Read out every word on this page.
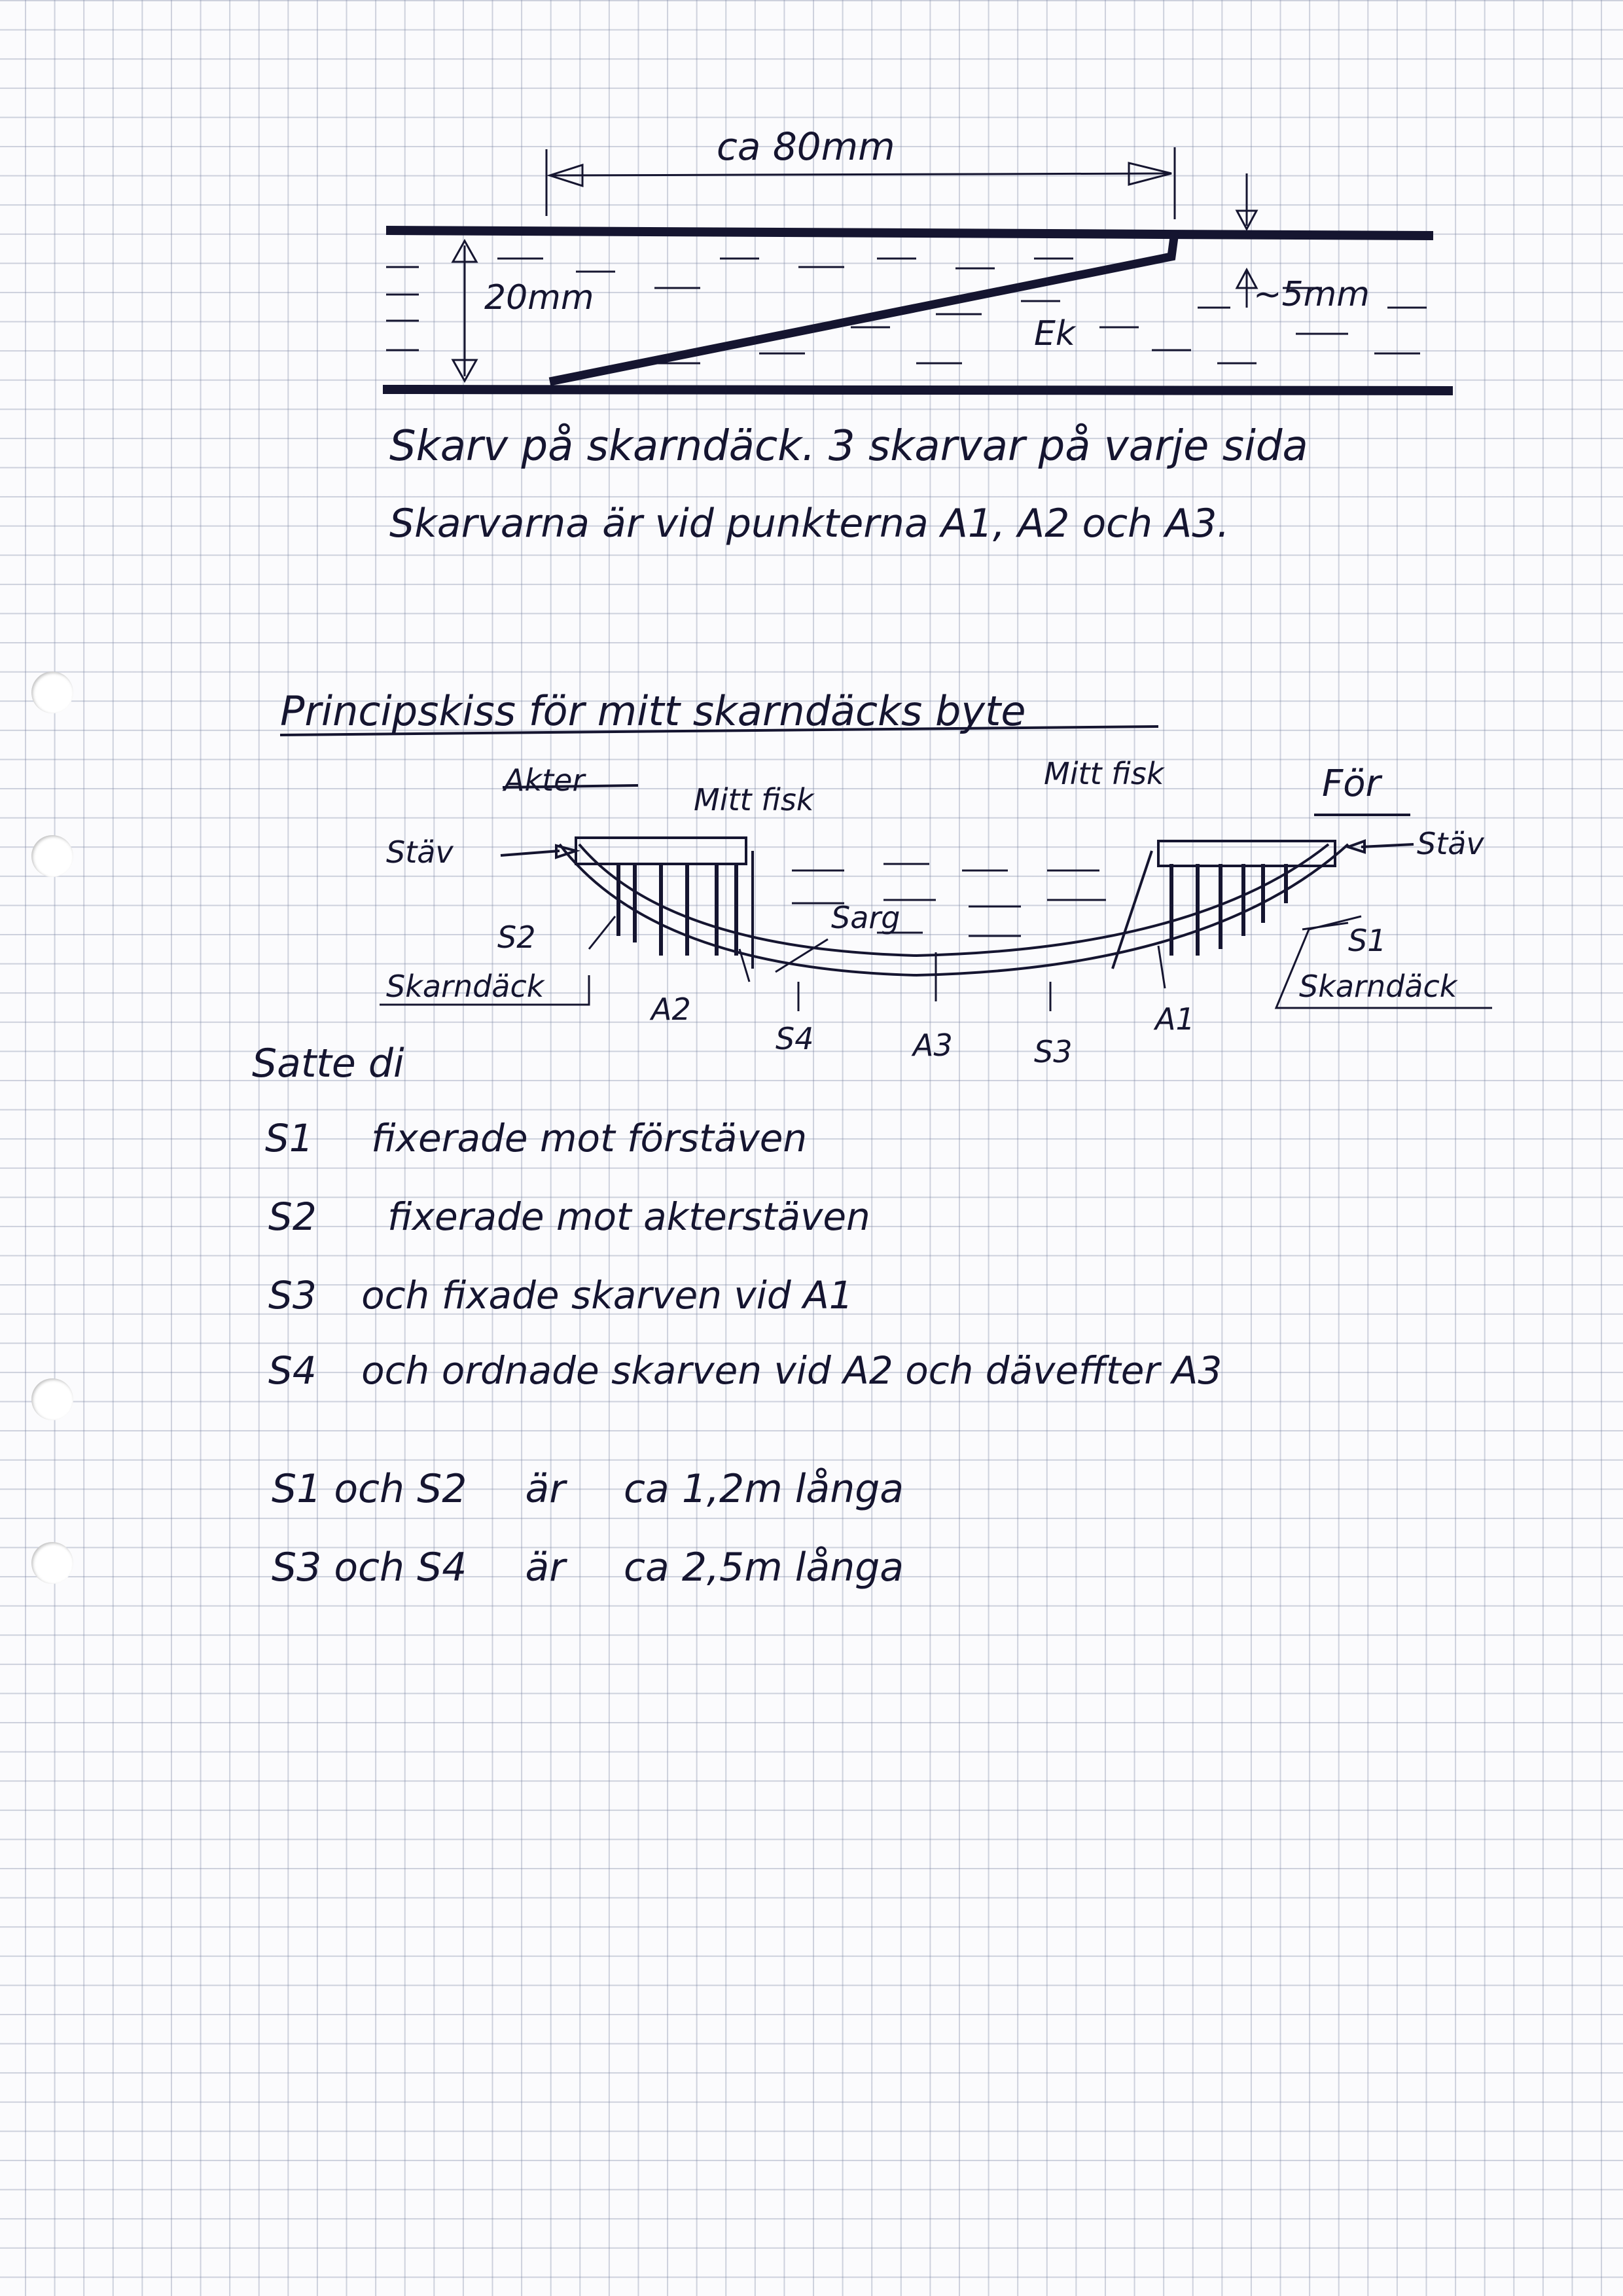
ca 80mm
20mm	~5mm
Ek
Skarv på skarndäck. 3 skarvar på varje sida
Skarvarna är vid punkterna A1, A2 och A3.
Principskiss för mitt skarndäcks byte
Akter
Mitt fisk
Mitt fisk	För
Stäv	Stäv
Sarg
S2	S1
Skarndäck	Skarndäck
A2
S4	A3	S3
A1
Satte di
S1 fixerade mot förstäven
S2 fixerade mot akterstäven
S3 och fixade skarven vid A1
S4 och ordnade skarven vid A2 och däveffter A3
S1 och S2 är ca 1,2m långa
S3 och S4 är ca 2,5m långa
